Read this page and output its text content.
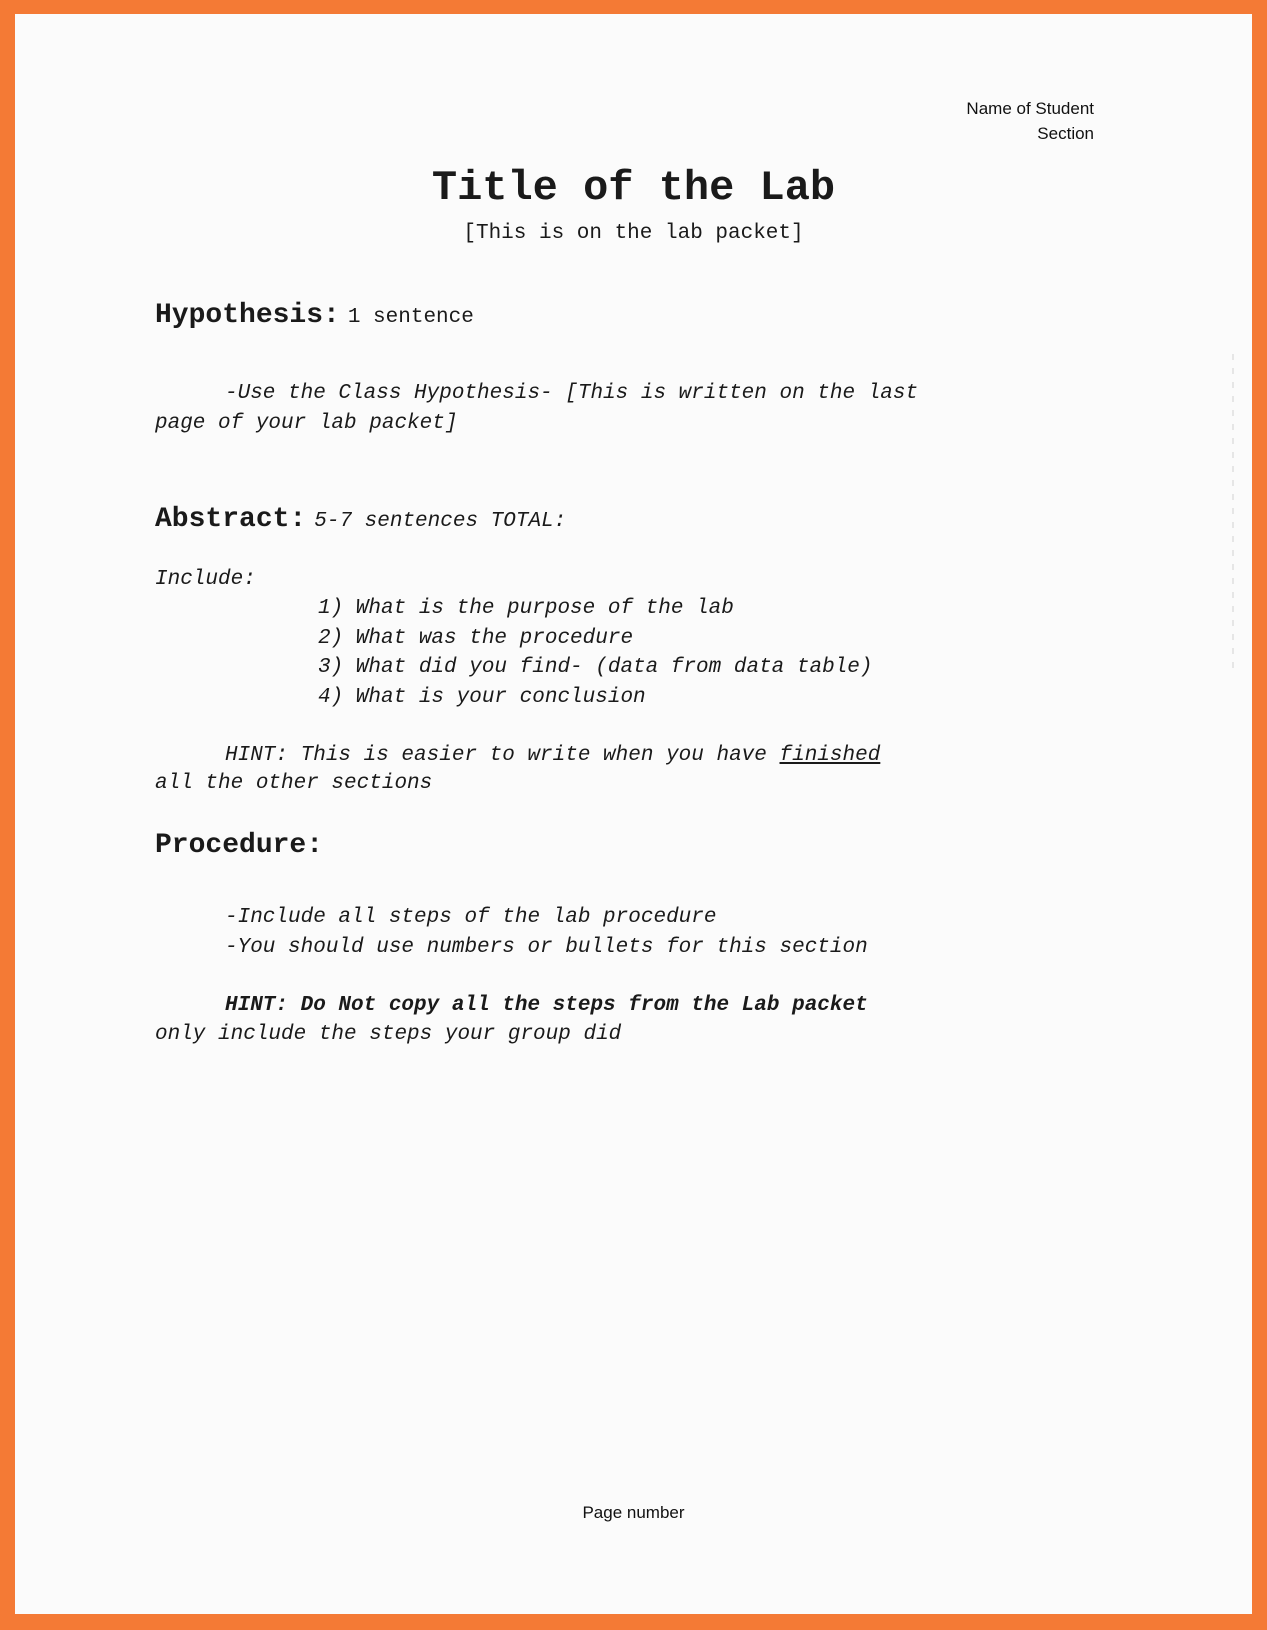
Name of Student
Section
Title of the Lab
[This is on the lab packet]
Hypothesis: 1 sentence
-Use the Class Hypothesis- [This is written on the last
page of your lab packet]
Abstract: 5-7 sentences TOTAL:
Include:
1) What is the purpose of the lab
2) What was the procedure
3) What did you find- (data from data table)
4) What is your conclusion
HINT: This is easier to write when you have finished
all the other sections
Procedure:
-Include all steps of the lab procedure
-You should use numbers or bullets for this section
HINT: Do Not copy all the steps from the Lab packet
only include the steps your group did
Page number
